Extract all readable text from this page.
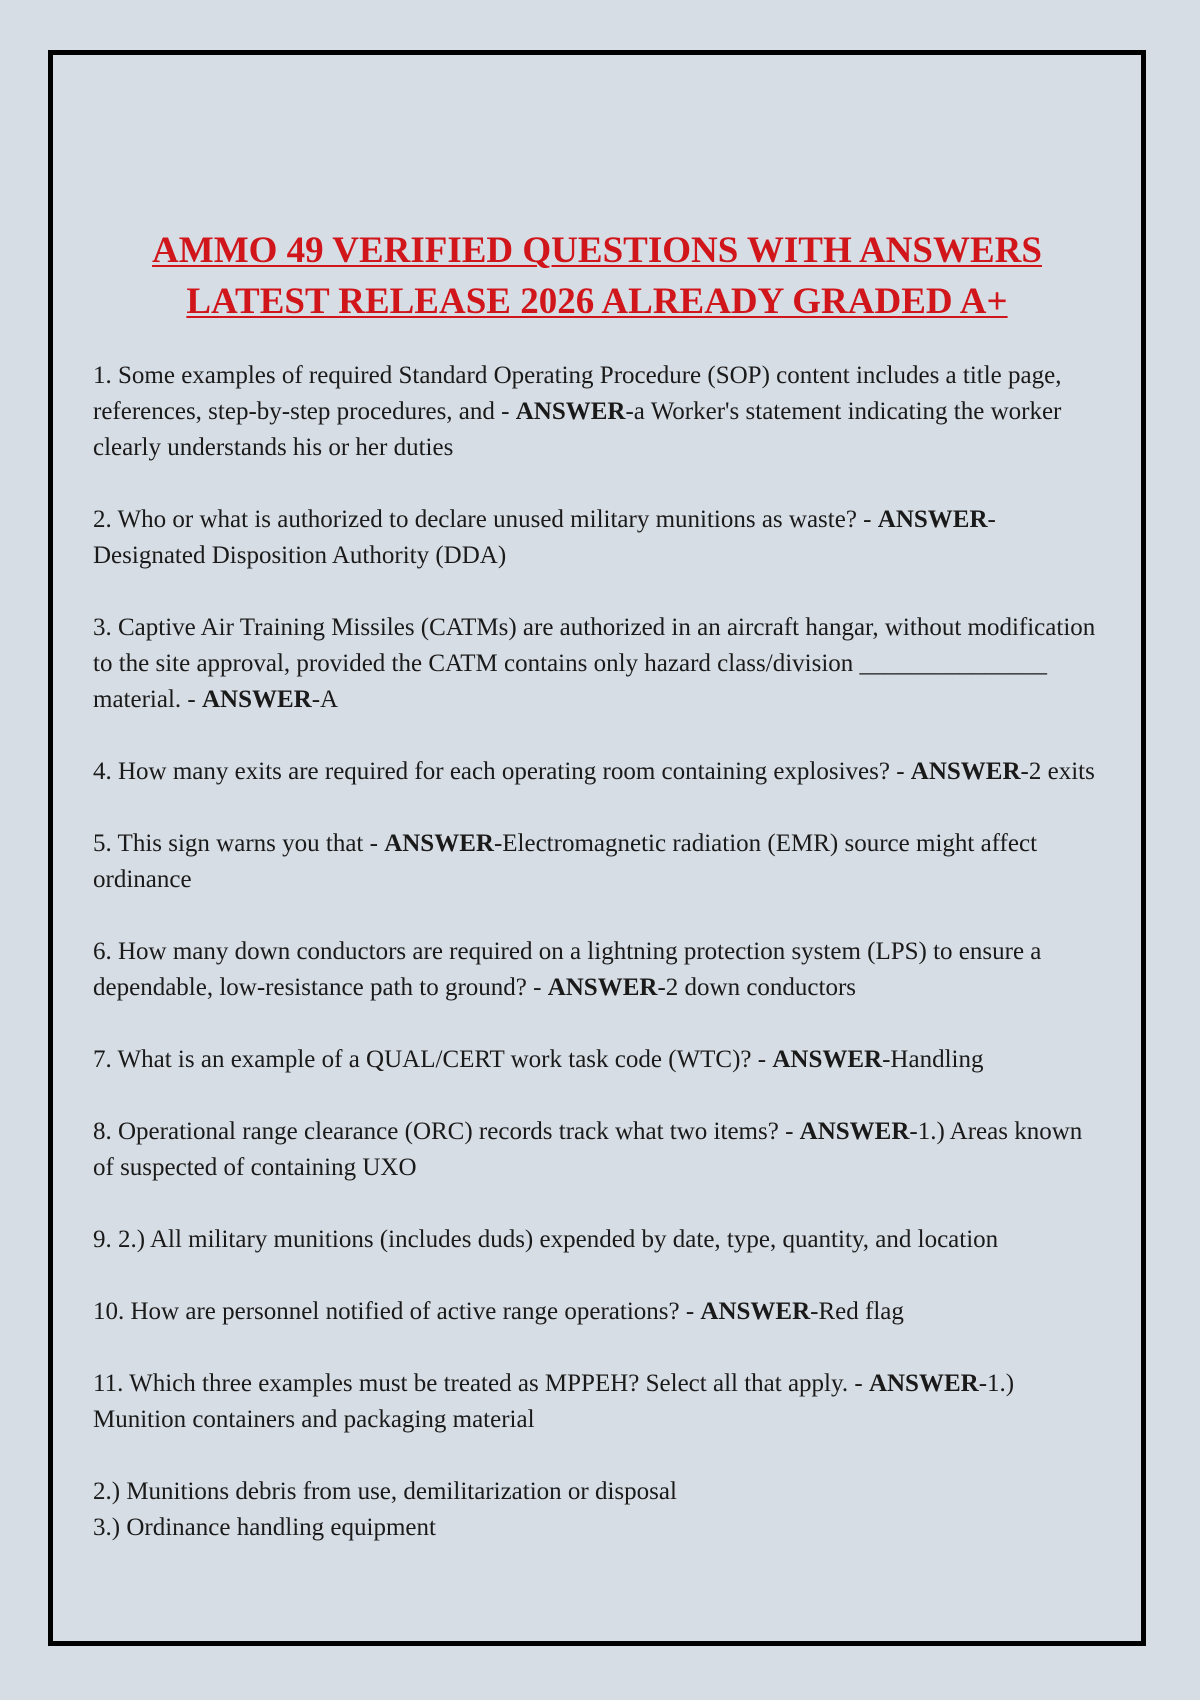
AMMO 49 VERIFIED QUESTIONS WITH ANSWERS
LATEST RELEASE 2026 ALREADY GRADED A+

1. Some examples of required Standard Operating Procedure (SOP) content includes a title page, references, step-by-step procedures, and - ANSWER-a Worker's statement indicating the worker clearly understands his or her duties

2. Who or what is authorized to declare unused military munitions as waste? - ANSWER-Designated Disposition Authority (DDA)

3. Captive Air Training Missiles (CATMs) are authorized in an aircraft hangar, without modification to the site approval, provided the CATM contains only hazard class/division _______________ material. - ANSWER-A

4. How many exits are required for each operating room containing explosives? - ANSWER-2 exits

5. This sign warns you that - ANSWER-Electromagnetic radiation (EMR) source might affect ordinance

6. How many down conductors are required on a lightning protection system (LPS) to ensure a dependable, low-resistance path to ground? - ANSWER-2 down conductors

7. What is an example of a QUAL/CERT work task code (WTC)? - ANSWER-Handling

8. Operational range clearance (ORC) records track what two items? - ANSWER-1.) Areas known of suspected of containing UXO

9. 2.) All military munitions (includes duds) expended by date, type, quantity, and location

10. How are personnel notified of active range operations? - ANSWER-Red flag

11. Which three examples must be treated as MPPEH? Select all that apply. - ANSWER-1.) Munition containers and packaging material

2.) Munitions debris from use, demilitarization or disposal

3.) Ordinance handling equipment
